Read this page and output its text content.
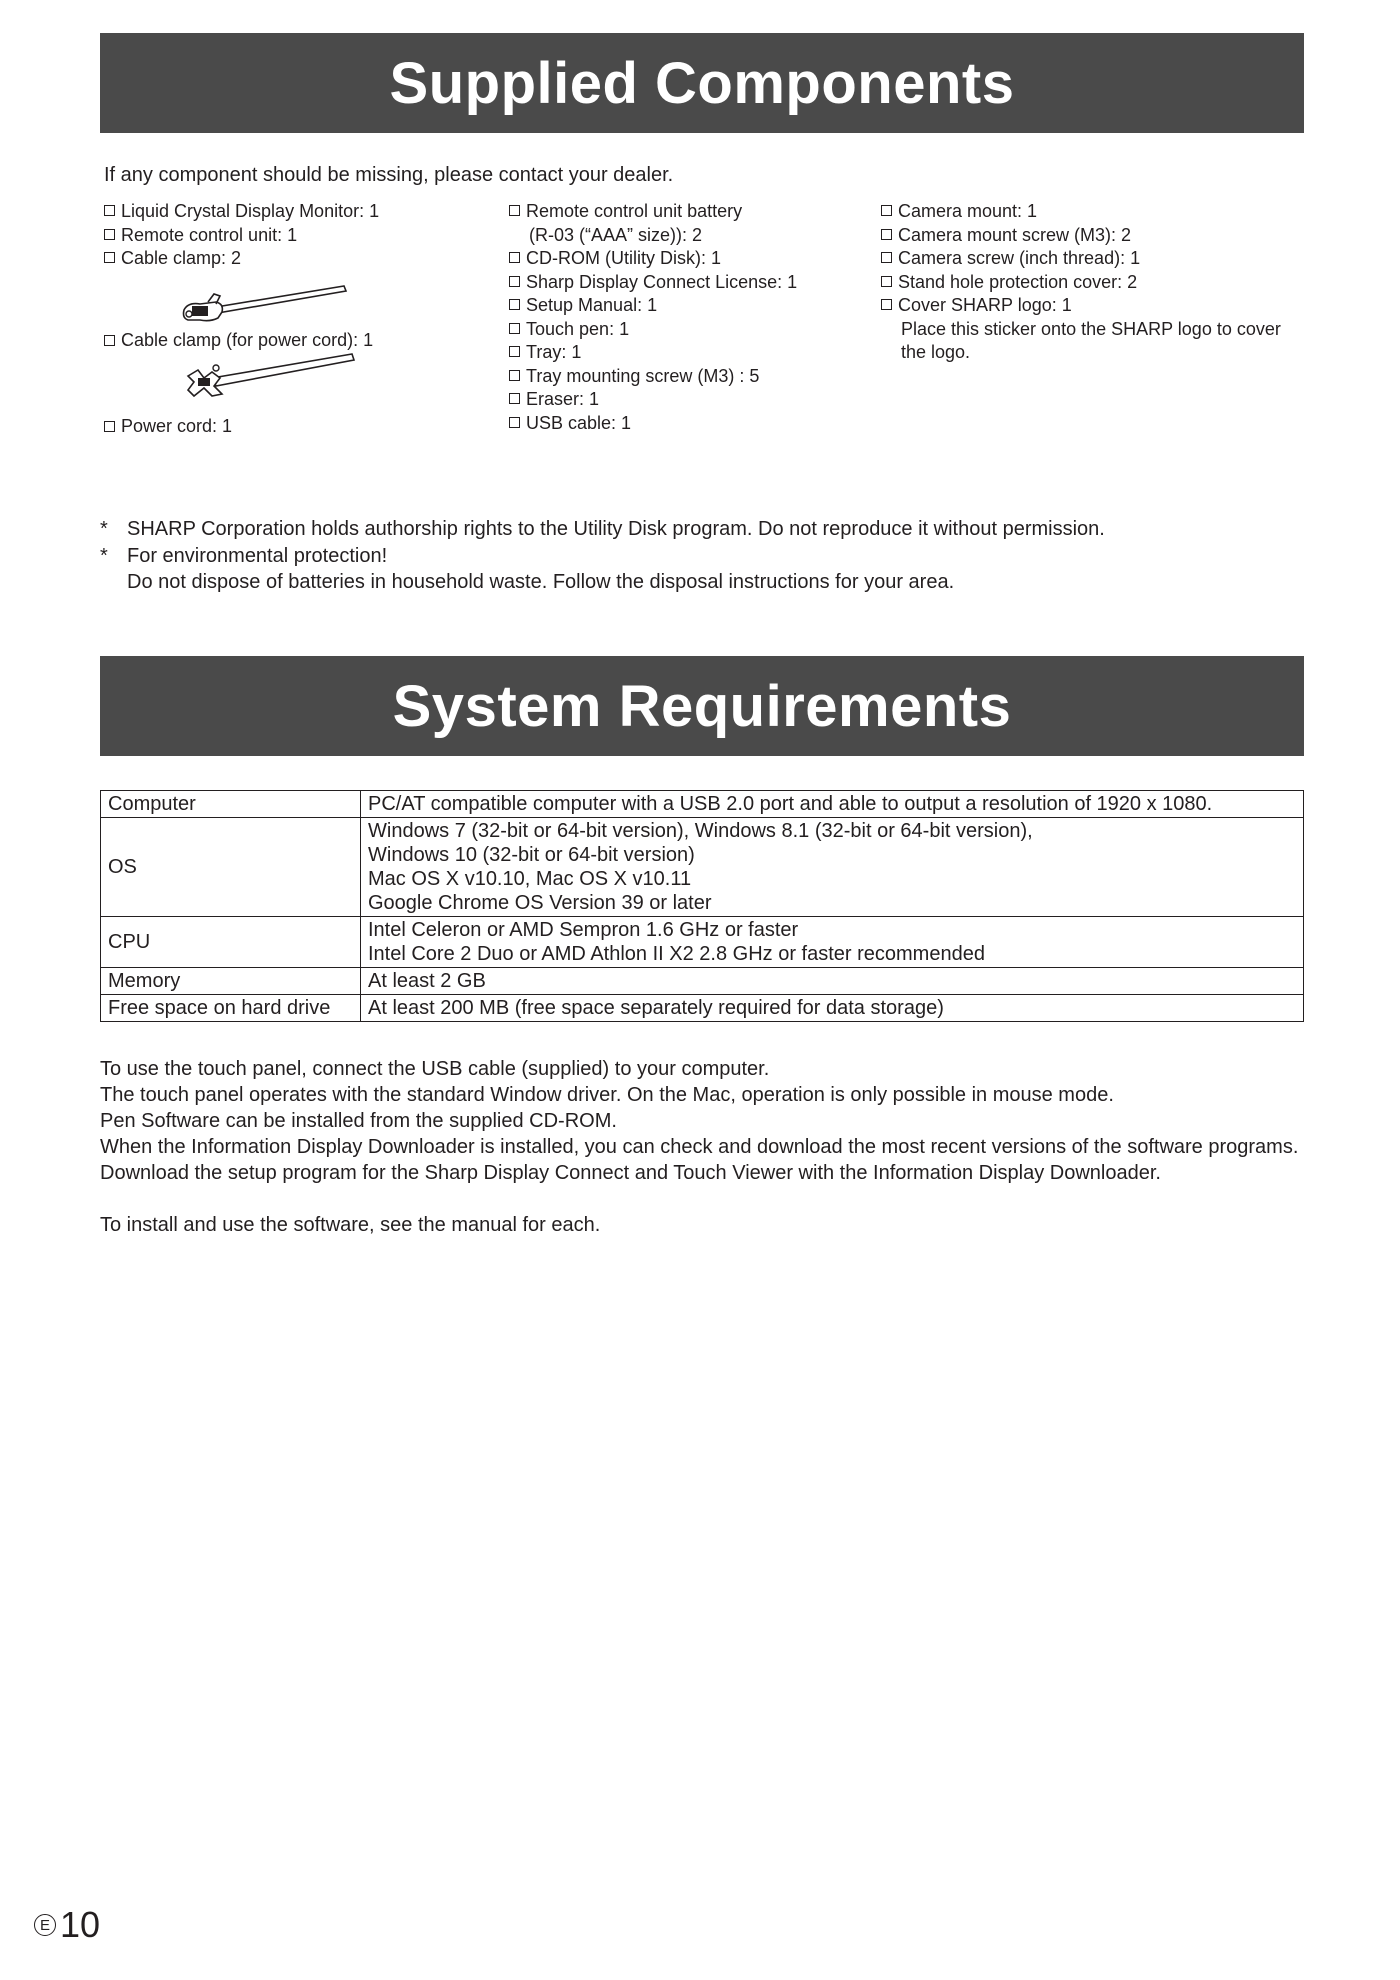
Supplied Components
If any component should be missing, please contact your dealer.
Liquid Crystal Display Monitor: 1
Remote control unit: 1
Cable clamp: 2
Cable clamp (for power cord): 1
Power cord: 1
Remote control unit battery
(R-03 (“AAA” size)): 2
CD-ROM (Utility Disk): 1
Sharp Display Connect License: 1
Setup Manual: 1
Touch pen: 1
Tray: 1
Tray mounting screw (M3) : 5
Eraser: 1
USB cable: 1
Camera mount: 1
Camera mount screw (M3): 2
Camera screw (inch thread): 1
Stand hole protection cover: 2
Cover SHARP logo: 1
Place this sticker onto the SHARP logo to cover
the logo.
* SHARP Corporation holds authorship rights to the Utility Disk program. Do not reproduce it without permission.
* For environmental protection!
Do not dispose of batteries in household waste. Follow the disposal instructions for your area.
System Requirements
Computer	PC/AT compatible computer with a USB 2.0 port and able to output a resolution of 1920 x 1080.

OS	Windows 7 (32-bit or 64-bit version), Windows 8.1 (32-bit or 64-bit version),
Windows 10 (32-bit or 64-bit version)
Mac OS X v10.10, Mac OS X v10.11
Google Chrome OS Version 39 or later

CPU	Intel Celeron or AMD Sempron 1.6 GHz or faster
Intel Core 2 Duo or AMD Athlon II X2 2.8 GHz or faster recommended

Memory	At least 2 GB

Free space on hard drive	At least 200 MB (free space separately required for data storage)
To use the touch panel, connect the USB cable (supplied) to your computer.
The touch panel operates with the standard Window driver. On the Mac, operation is only possible in mouse mode.
Pen Software can be installed from the supplied CD-ROM.
When the Information Display Downloader is installed, you can check and download the most recent versions of the software programs.
Download the setup program for the Sharp Display Connect and Touch Viewer with the Information Display Downloader.
To install and use the software, see the manual for each.
E 10
